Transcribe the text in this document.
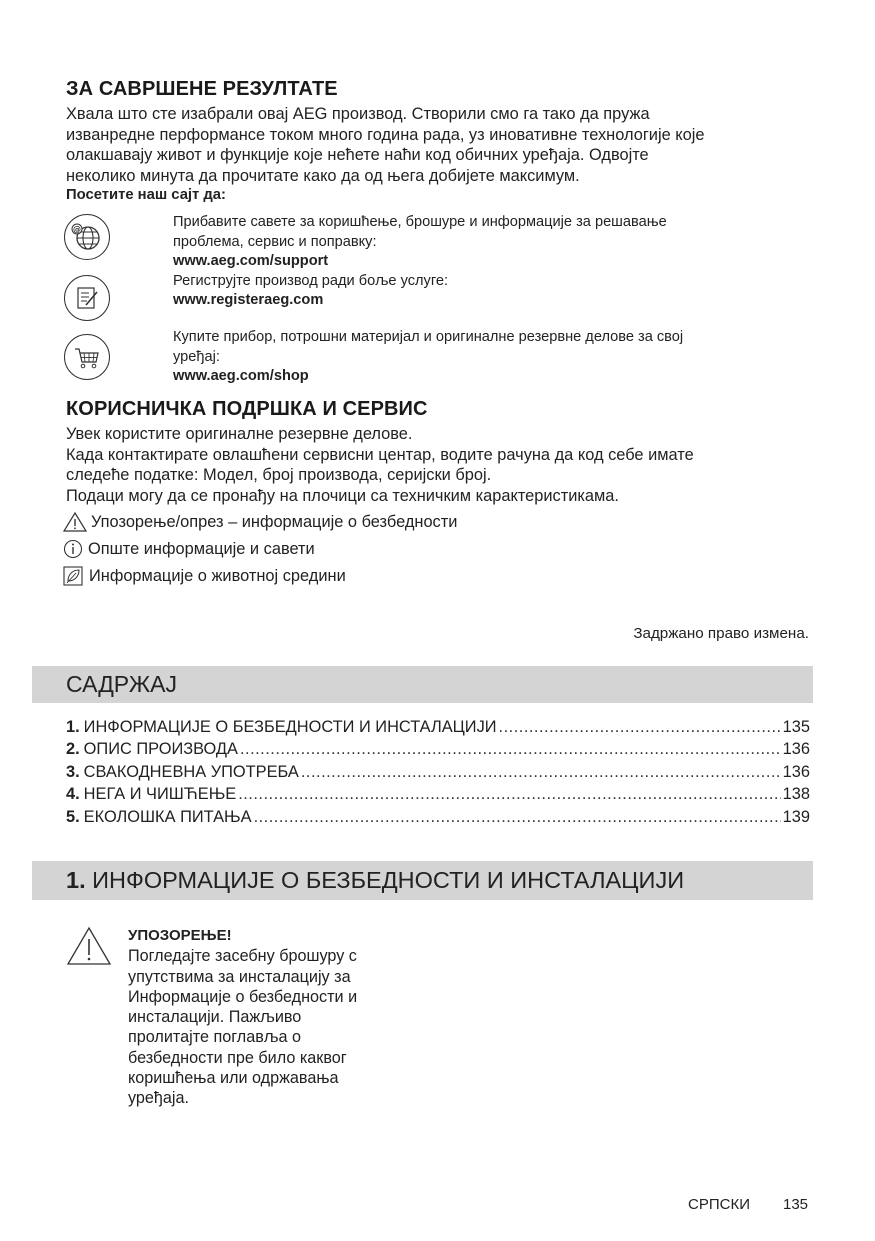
ЗА САВРШЕНЕ РЕЗУЛТАТЕ

Хвала што сте изабрали овај AEG производ. Створили смо га тако да пружа

изванредне перформансе током много година рада, уз иновативне технологије које

олакшавају живот и функције које нећете наћи код обичних уређаја. Одвојте

неколико минута да прочитате како да од њега добијете максимум.

Посетите наш сајт да:
@	Прибавите савете за коришћење, брошуре и информације за решавање
проблема, сервис и поправку:
www.aeg.com/support
Региструјте производ ради боље услуге:
www.registeraeg.com
Купите прибор, потрошни материјал и оригиналне резервне делове за свој
уређај:
www.aeg.com/shop
КОРИСНИЧКА ПОДРШКА И СЕРВИС

Увек користите оригиналне резервне делове.

Када контактирате овлашћени сервисни центар, водите рачуна да код себе имате

следеће податке: Модел, број производа, серијски број.

Подаци могу да се пронађу на плочици са техничким карактеристикама.

Упозорење/опрез – информације о безбедности
Опште информације и савети
Информације о животној средини
Задржано право измена.
САДРЖАЈ
1. ИНФОРМАЦИЈЕ О БЕЗБЕДНОСТИ И ИНСТАЛАЦИЈИ .....	135
2. ОПИС ПРОИЗВОДА .....	136
3. СВАКОДНЕВНА УПОТРЕБА .....	136
4. НЕГА И ЧИШЋЕЊЕ .....	138
5. ЕКОЛОШКА ПИТАЊА .....	139
1. ИНФОРМАЦИЈЕ О БЕЗБЕДНОСТИ И ИНСТАЛАЦИЈИ
УПОЗОРЕЊЕ!
Погледајте засебну брошуру с
упутствима за инсталацију за
Информације о безбедности и
инсталацији. Пажљиво
пролитајте поглавља о
безбедности пре било каквог
коришћења или одржавања
уређаја.
СРПСКИ 135
